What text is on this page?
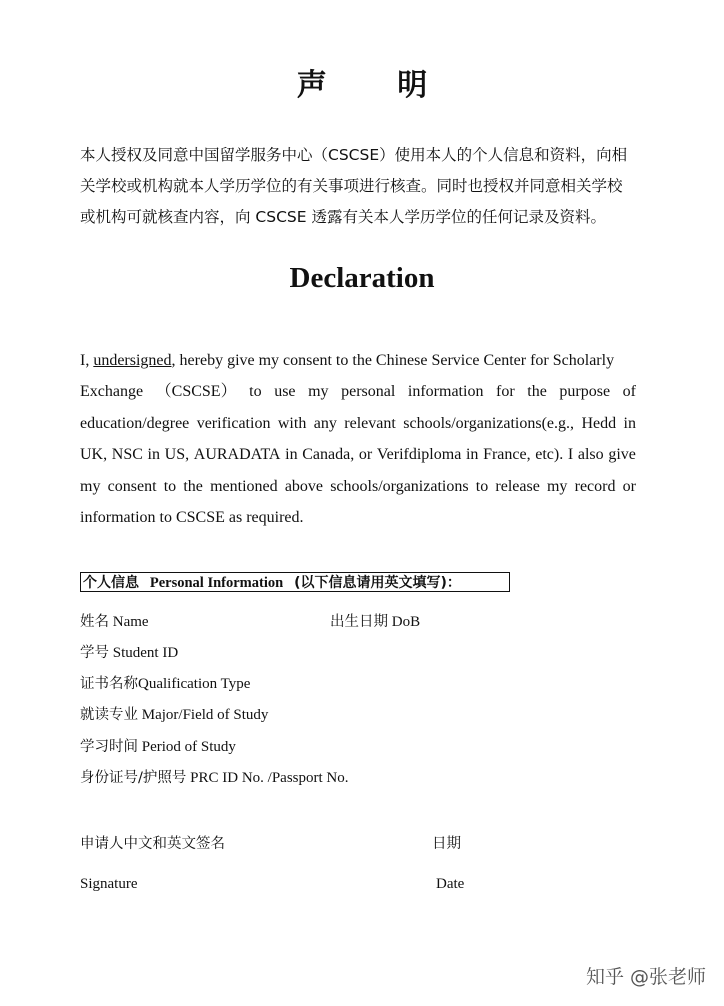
声 明
本人授权及同意中国留学服务中心（CSCSE）使用本人的个人信息和资料，向相
关学校或机构就本人学历学位的有关事项进行核查。同时也授权并同意相关学校
或机构可就核查内容，向 CSCSE 透露有关本人学历学位的任何记录及资料。
Declaration
I,
undersigned , hereby give my consent to the Chinese Service Center for Scholarly
Exchange （CSCSE） to use my personal information for the purpose of
education/degree verification with any relevant schools/organizations(e.g., Hedd in
UK, NSC in US, AURADATA in Canada, or Verifdiploma in France, etc). I also give
my consent to the mentioned above schools/organizations to release my record or
information to CSCSE as required.
个人信息 Personal Information (以下信息请用英文填写)：
姓名 Name	出生日期 DoB
学号 Student ID
证书名称Qualification Type
就读专业 Major/Field of Study
学习时间 Period of Study
身份证号/护照号 PRC ID No. /Passport No.
申请人中文和英文签名	日期
Signature	Date
知乎 @张老师
